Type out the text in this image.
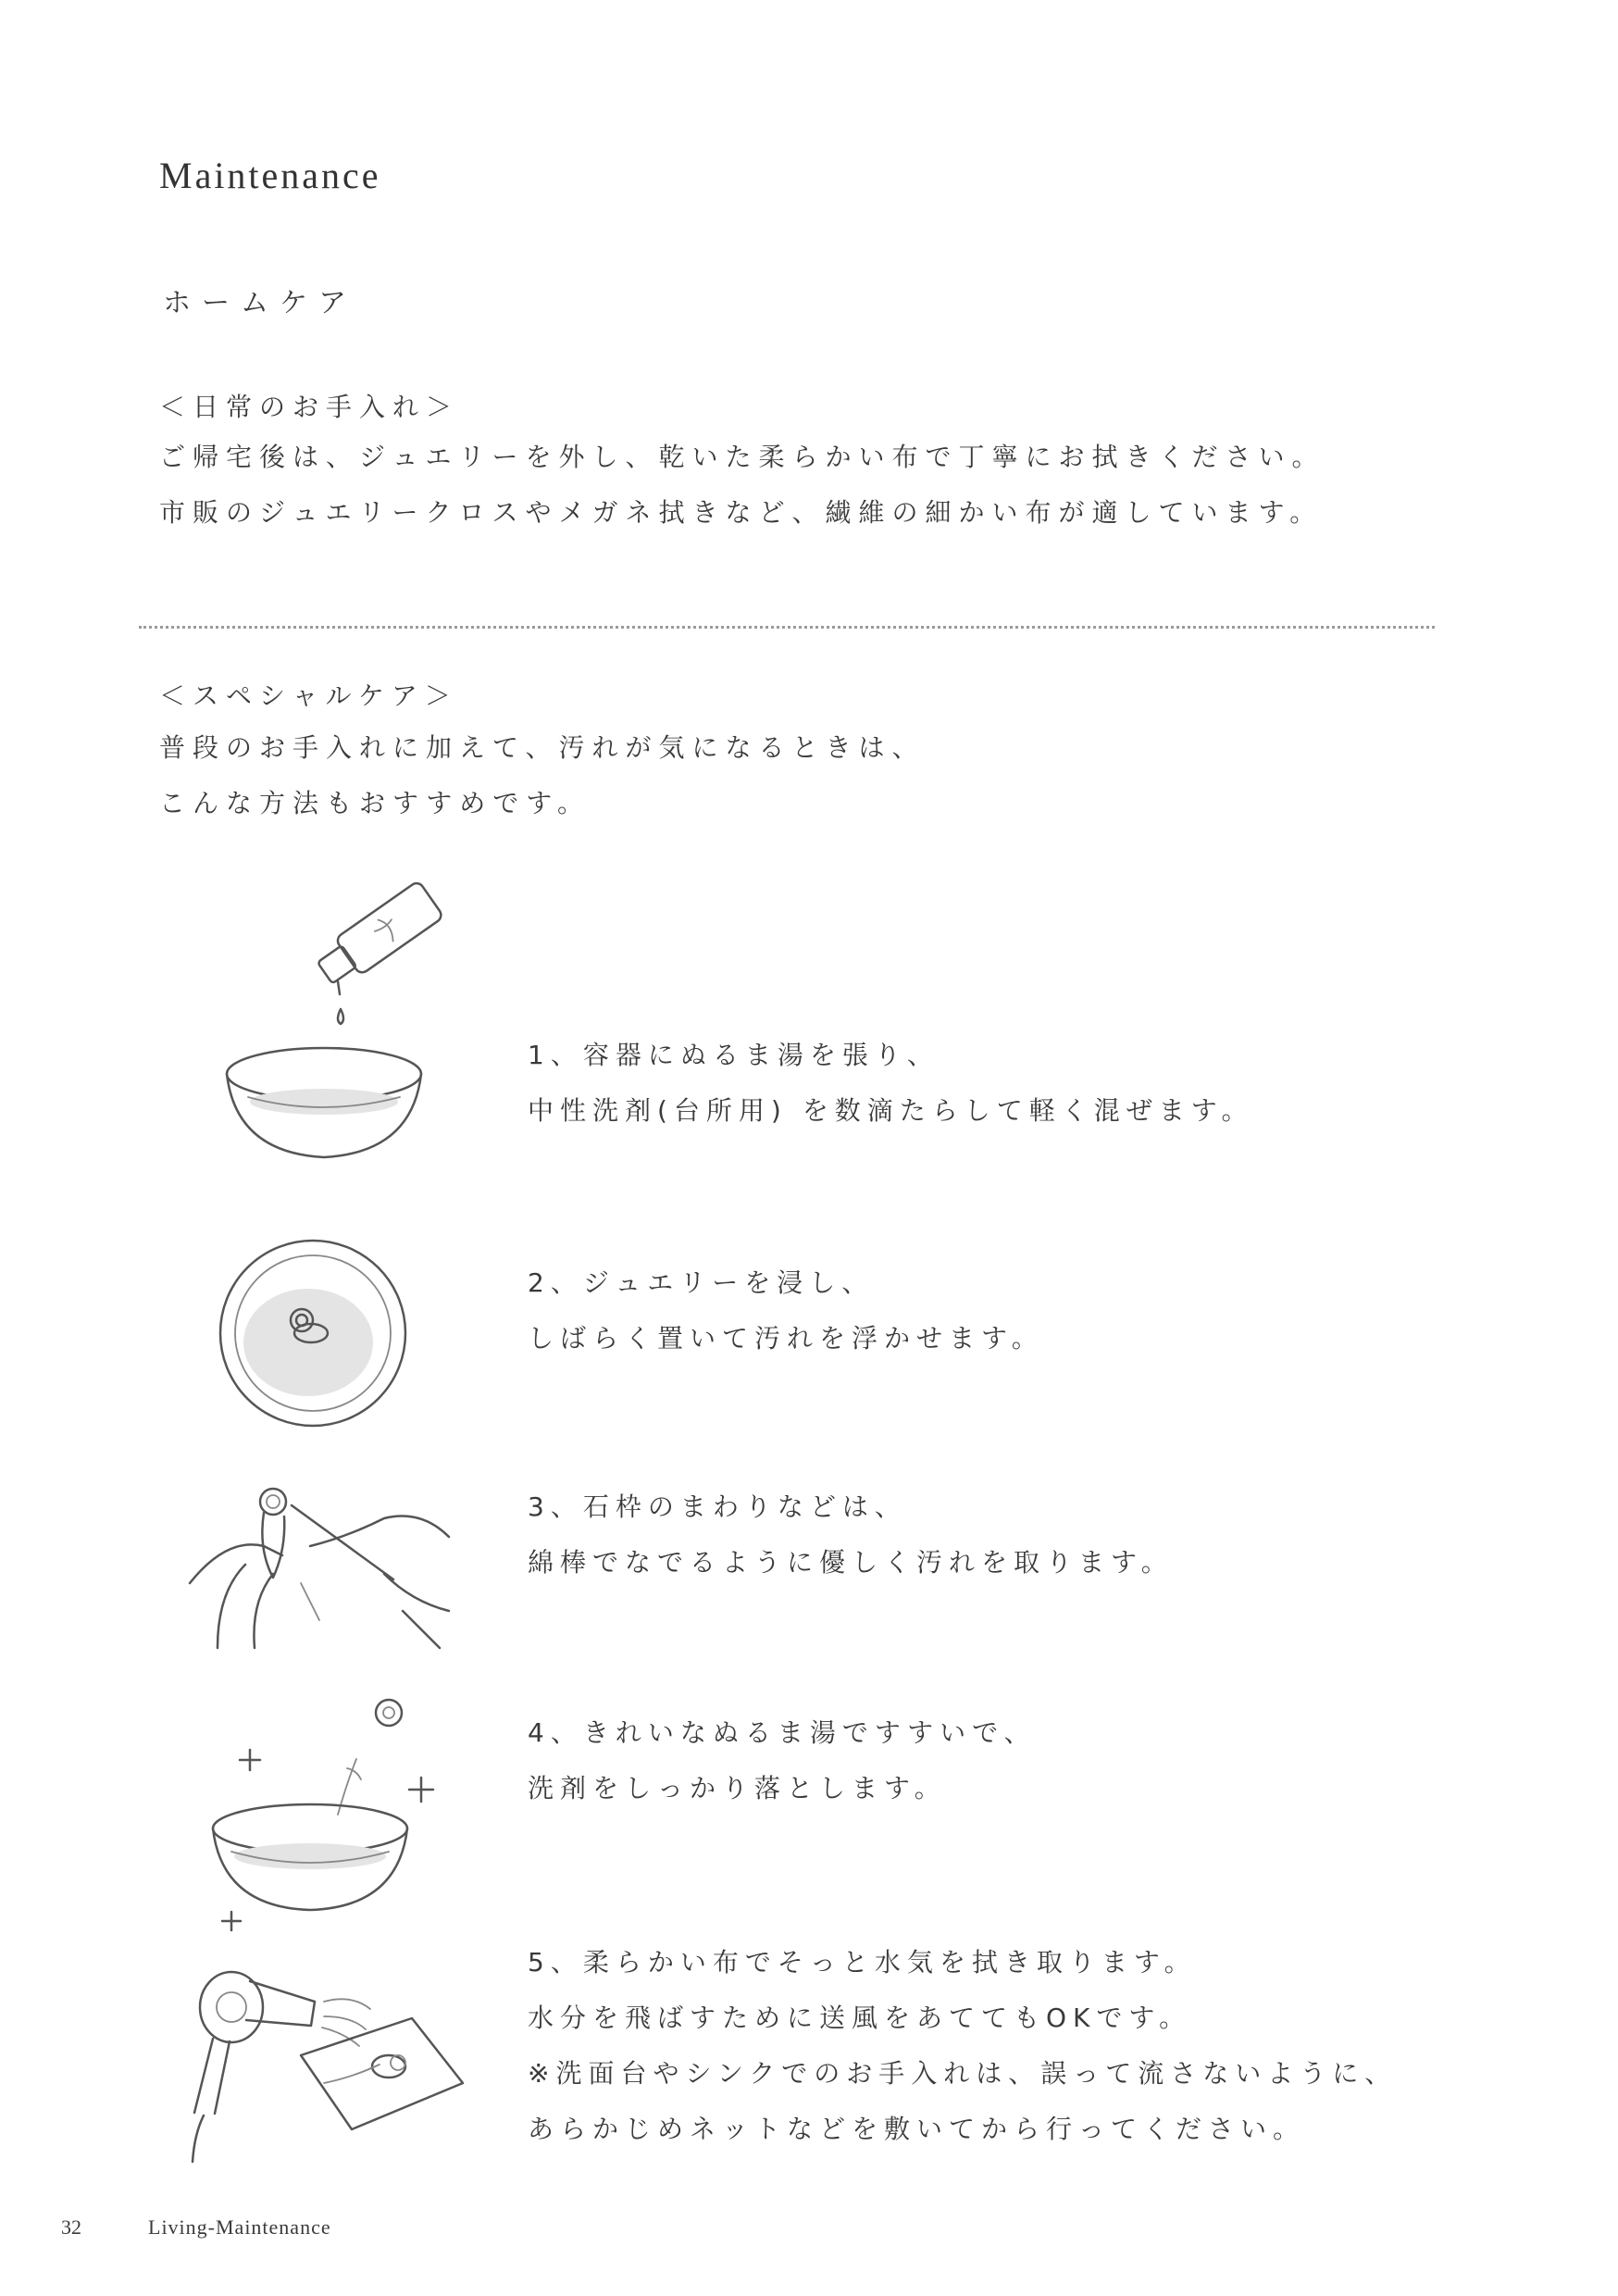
Maintenance
ホームケア
＜日常のお手入れ＞
ご帰宅後は、ジュエリーを外し、乾いた柔らかい布で丁寧にお拭きください。
市販のジュエリークロスやメガネ拭きなど、繊維の細かい布が適しています。
＜スペシャルケア＞
普段のお手入れに加えて、汚れが気になるときは、
こんな方法もおすすめです。
1、容器にぬるま湯を張り、
中性洗剤(台所用) を数滴たらして軽く混ぜます。
2、ジュエリーを浸し、
しばらく置いて汚れを浮かせます。
3、石枠のまわりなどは、
綿棒でなでるように優しく汚れを取ります。
4、きれいなぬるま湯ですすいで、
洗剤をしっかり落とします。
5、柔らかい布でそっと水気を拭き取ります。
水分を飛ばすために送風をあててもOKです。
※洗面台やシンクでのお手入れは、誤って流さないように、
あらかじめネットなどを敷いてから行ってください。
32	Living-Maintenance
